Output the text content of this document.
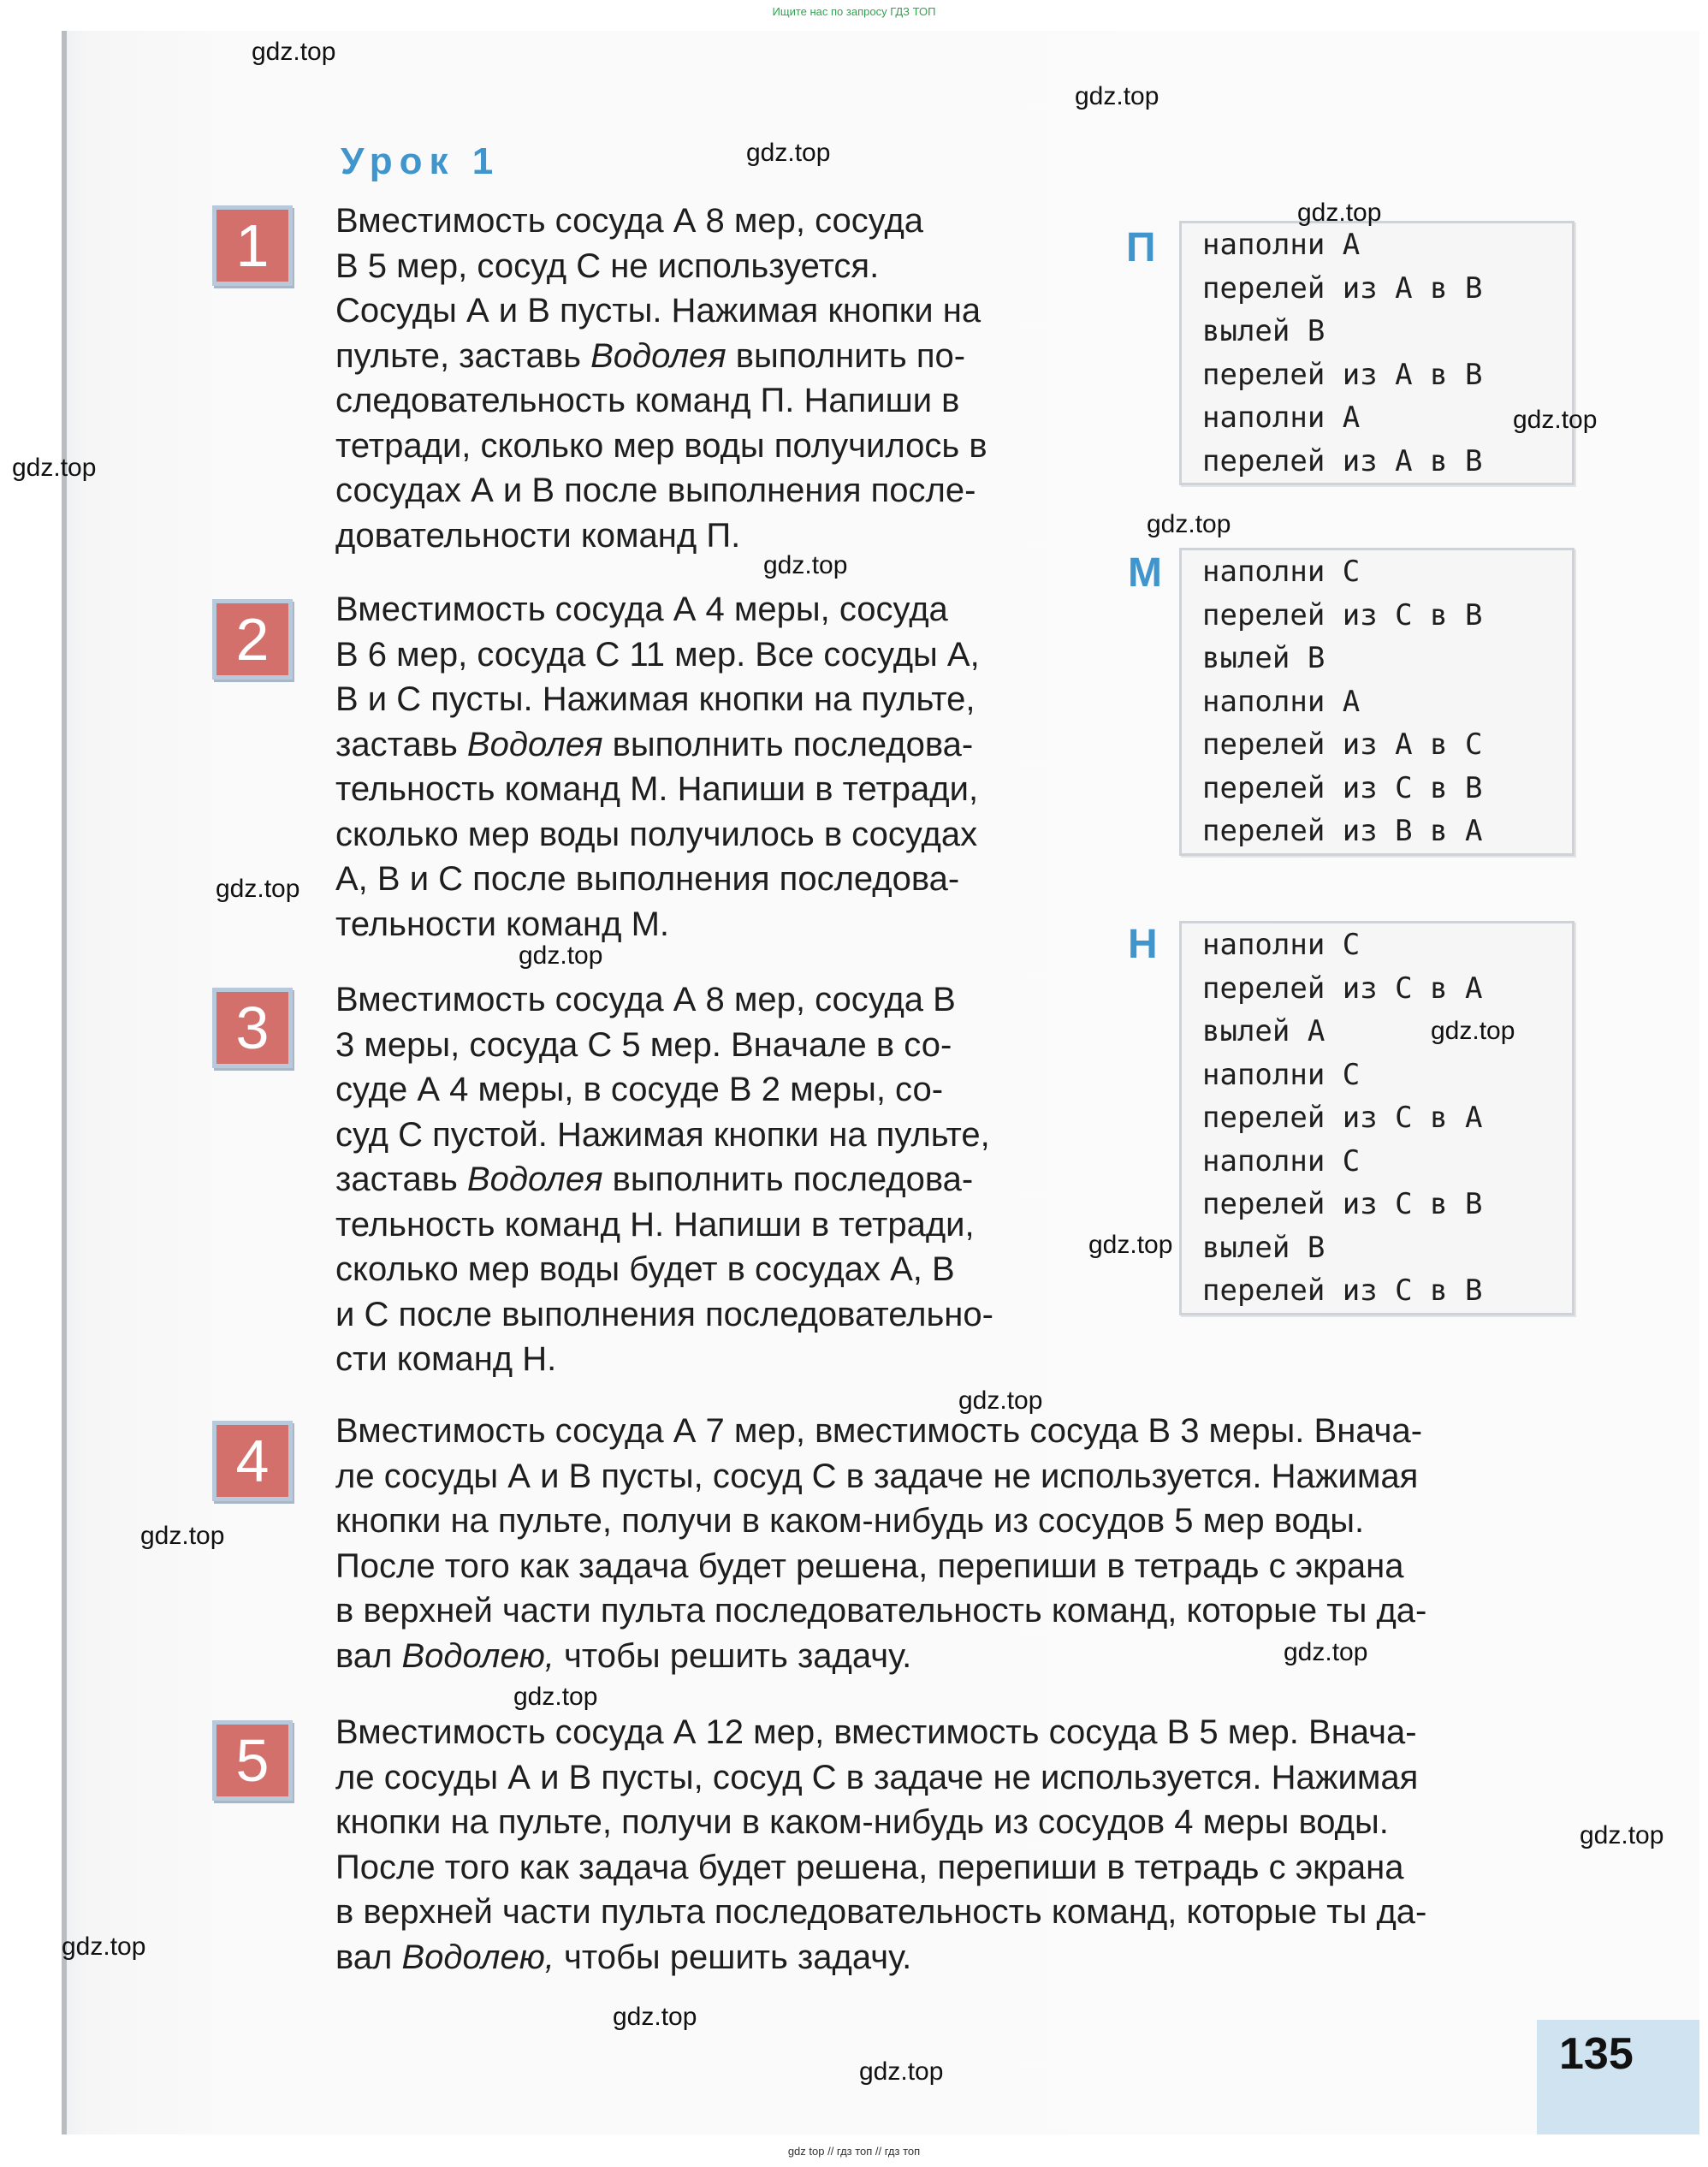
Ищите нас по запросу ГДЗ ТОП
Урок 1
1
2
3
4
5
Вместимость сосуда А 8 мер, сосуда
В 5 мер, сосуд С не используется.
Сосуды А и В пусты. Нажимая кнопки на
пульте, заставь Водолея выполнить по-
следовательность команд П. Напиши в
тетради, сколько мер воды получилось в
сосудах А и В после выполнения после-
довательности команд П.
Вместимость сосуда А 4 меры, сосуда
В 6 мер, сосуда С 11 мер. Все сосуды А,
В и С пусты. Нажимая кнопки на пульте,
заставь Водолея выполнить последова-
тельность команд М. Напиши в тетради,
сколько мер воды получилось в сосудах
А, В и С после выполнения последова-
тельности команд М.
Вместимость сосуда А 8 мер, сосуда В
3 меры, сосуда С 5 мер. Вначале в со-
суде А 4 меры, в сосуде В 2 меры, со-
суд С пустой. Нажимая кнопки на пульте,
заставь Водолея выполнить последова-
тельность команд Н. Напиши в тетради,
сколько мер воды будет в сосудах А, В
и С после выполнения последовательно-
сти команд Н.
Вместимость сосуда А 7 мер, вместимость сосуда В 3 меры. Внача-
ле сосуды А и В пусты, сосуд С в задаче не используется. Нажимая
кнопки на пульте, получи в каком-нибудь из сосудов 5 мер воды.
После того как задача будет решена, перепиши в тетрадь с экрана
в верхней части пульта последовательность команд, которые ты да-
вал Водолею, чтобы решить задачу.
Вместимость сосуда А 12 мер, вместимость сосуда В 5 мер. Внача-
ле сосуды А и В пусты, сосуд С в задаче не используется. Нажимая
кнопки на пульте, получи в каком-нибудь из сосудов 4 меры воды.
После того как задача будет решена, перепиши в тетрадь с экрана
в верхней части пульта последовательность команд, которые ты да-
вал Водолею, чтобы решить задачу.
П
М
Н
наполни А
перелей из А в В
вылей В
перелей из А в В
наполни А
перелей из А в В
наполни С
перелей из С в В
вылей В
наполни А
перелей из А в С
перелей из С в В
перелей из В в А
наполни С
перелей из С в А
вылей А
наполни С
перелей из С в А
наполни С
перелей из С в В
вылей В
перелей из С в В
gdz.top
gdz.top
gdz.top
gdz.top
gdz.top
gdz.top
gdz.top
gdz.top
gdz.top
gdz.top
gdz.top
gdz.top
gdz.top
gdz.top
gdz.top
gdz.top
gdz.top
gdz.top
gdz.top
gdz.top	135
gdz top // гдз топ // гдз топ
